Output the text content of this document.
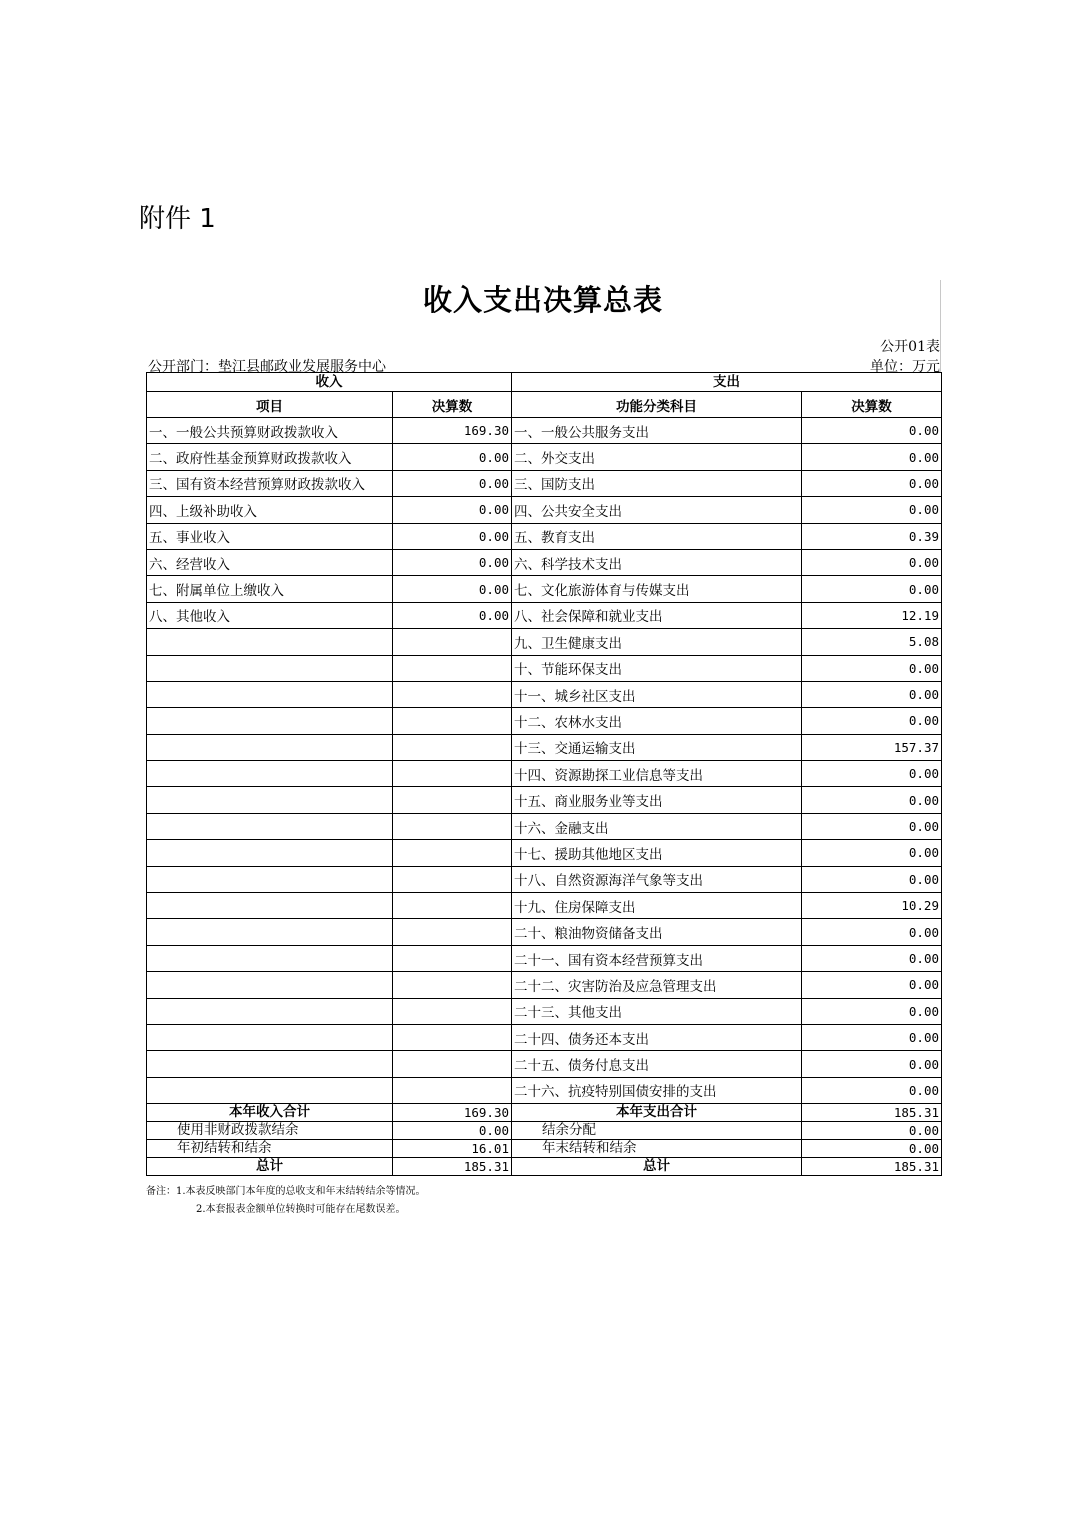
附件 1
收入支出决算总表
公开01表
公开部门：垫江县邮政业发展服务中心	单位：万元
收入		支出	
项目	决算数	功能分类科目	决算数
一、一般公共预算财政拨款收入	169.30	一、一般公共服务支出	0.00
二、政府性基金预算财政拨款收入	0.00	二、外交支出	0.00
三、国有资本经营预算财政拨款收入	0.00	三、国防支出	0.00
四、上级补助收入	0.00	四、公共安全支出	0.00
五、事业收入	0.00	五、教育支出	0.39
六、经营收入	0.00	六、科学技术支出	0.00
七、附属单位上缴收入	0.00	七、文化旅游体育与传媒支出	0.00
八、其他收入	0.00	八、社会保障和就业支出	12.19
		九、卫生健康支出	5.08
		十、节能环保支出	0.00
		十一、城乡社区支出	0.00
		十二、农林水支出	0.00
		十三、交通运输支出	157.37
		十四、资源勘探工业信息等支出	0.00
		十五、商业服务业等支出	0.00
		十六、金融支出	0.00
		十七、援助其他地区支出	0.00
		十八、自然资源海洋气象等支出	0.00
		十九、住房保障支出	10.29
		二十、粮油物资储备支出	0.00
		二十一、国有资本经营预算支出	0.00
		二十二、灾害防治及应急管理支出	0.00
		二十三、其他支出	0.00
		二十四、债务还本支出	0.00
		二十五、债务付息支出	0.00
		二十六、抗疫特别国债安排的支出	0.00
本年收入合计	169.30	本年支出合计	185.31
使用非财政拨款结余	0.00	结余分配	0.00
年初结转和结余	16.01	年末结转和结余	0.00
总计	185.31	总计	185.31
备注：1.本表反映部门本年度的总收支和年末结转结余等情况。
2.本套报表金额单位转换时可能存在尾数误差。
